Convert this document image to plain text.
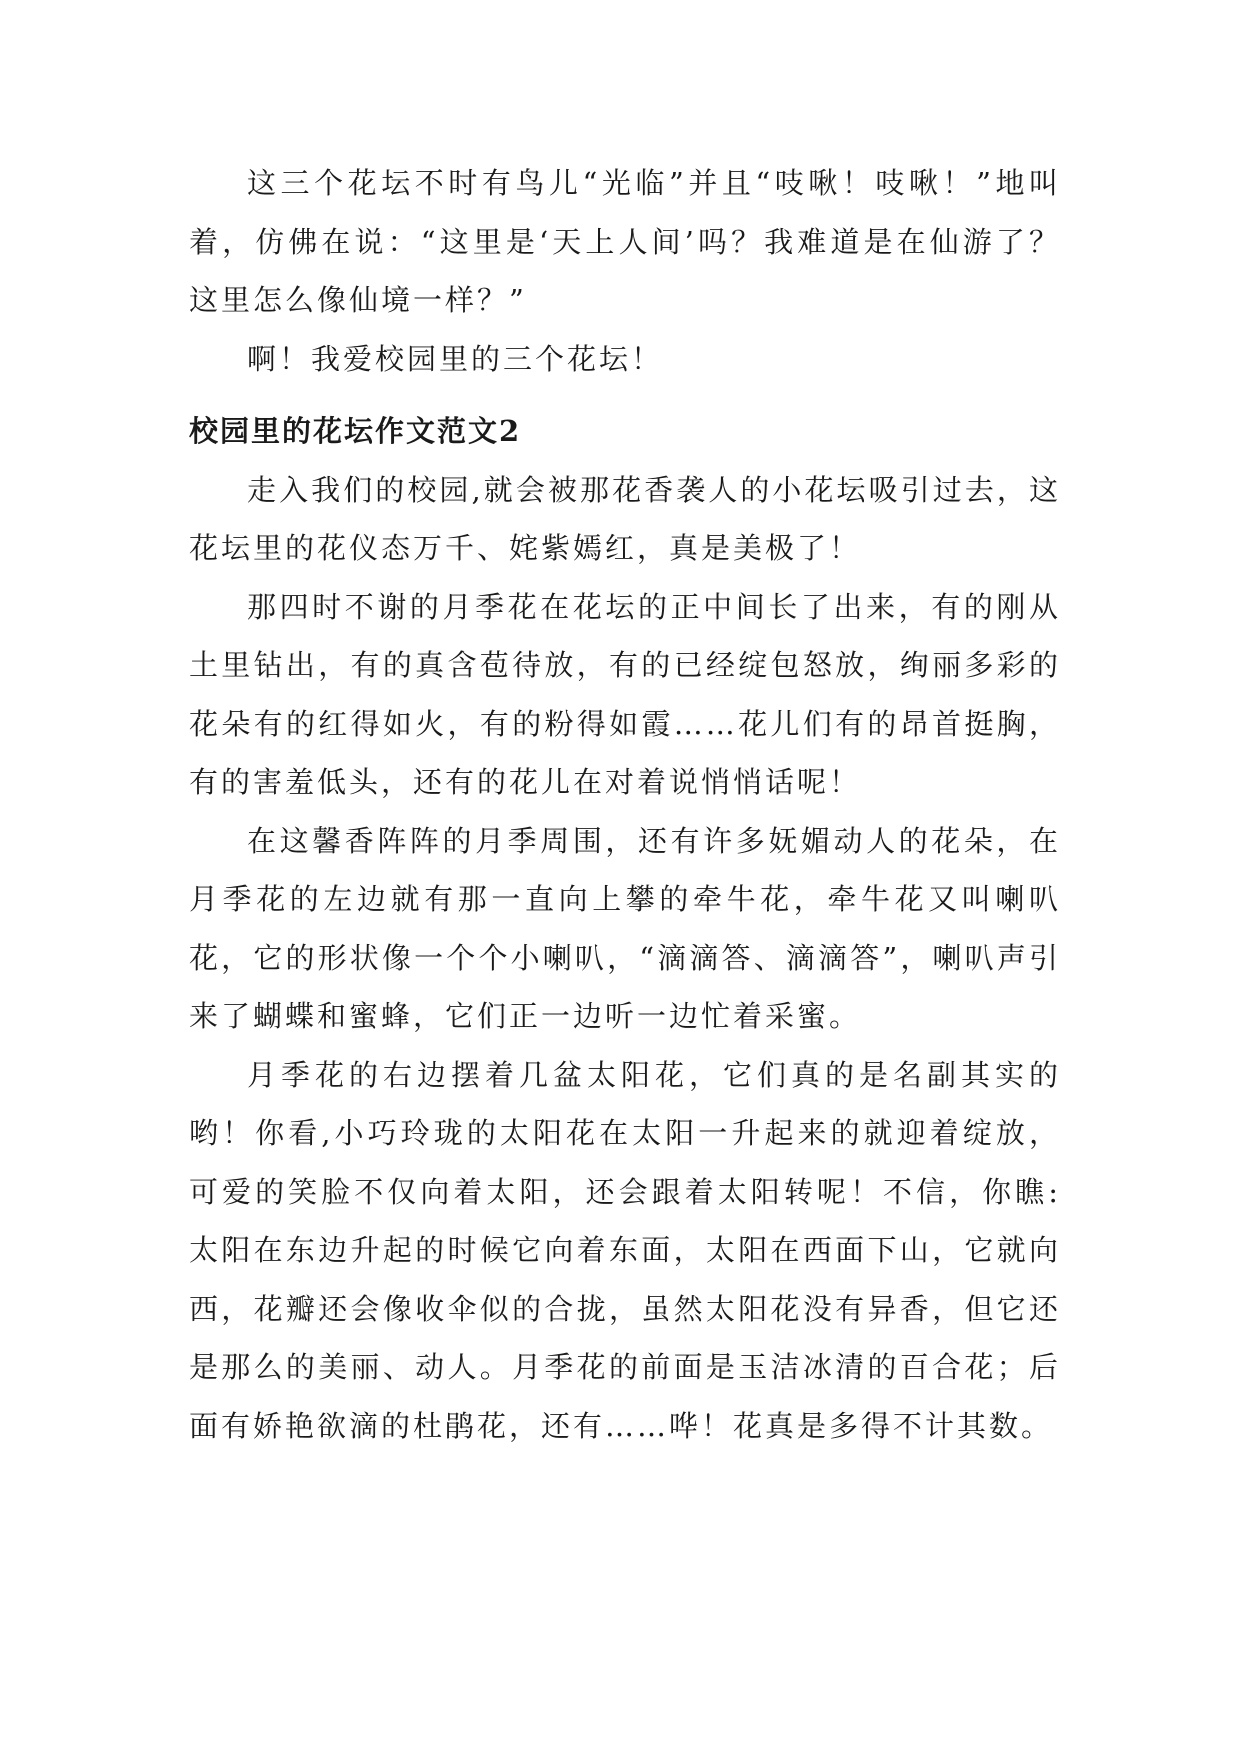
这三个花坛不时有鸟儿“光临”并且“吱啾！吱啾！”地叫着，仿佛在说：“这里是‘天上人间’吗？我难道是在仙游了？这里怎么像仙境一样？”

啊！我爱校园里的三个花坛！

校园里的花坛作文范文2

走入我们的校园,就会被那花香袭人的小花坛吸引过去，这花坛里的花仪态万千、姹紫嫣红，真是美极了！

那四时不谢的月季花在花坛的正中间长了出来，有的刚从土里钻出，有的真含苞待放，有的已经绽包怒放，绚丽多彩的花朵有的红得如火，有的粉得如霞……花儿们有的昂首挺胸，有的害羞低头，还有的花儿在对着说悄悄话呢！

在这馨香阵阵的月季周围，还有许多妩媚动人的花朵，在月季花的左边就有那一直向上攀的牵牛花，牵牛花又叫喇叭花，它的形状像一个个小喇叭，“滴滴答、滴滴答”，喇叭声引来了蝴蝶和蜜蜂，它们正一边听一边忙着采蜜。

月季花的右边摆着几盆太阳花，它们真的是名副其实的哟！你看,小巧玲珑的太阳花在太阳一升起来的就迎着绽放，可爱的笑脸不仅向着太阳，还会跟着太阳转呢！不信，你瞧:太阳在东边升起的时候它向着东面，太阳在西面下山，它就向西，花瓣还会像收伞似的合拢，虽然太阳花没有异香，但它还是那么的美丽、动人。月季花的前面是玉洁冰清的百合花；后面有娇艳欲滴的杜鹃花，还有……哗！花真是多得不计其数。
